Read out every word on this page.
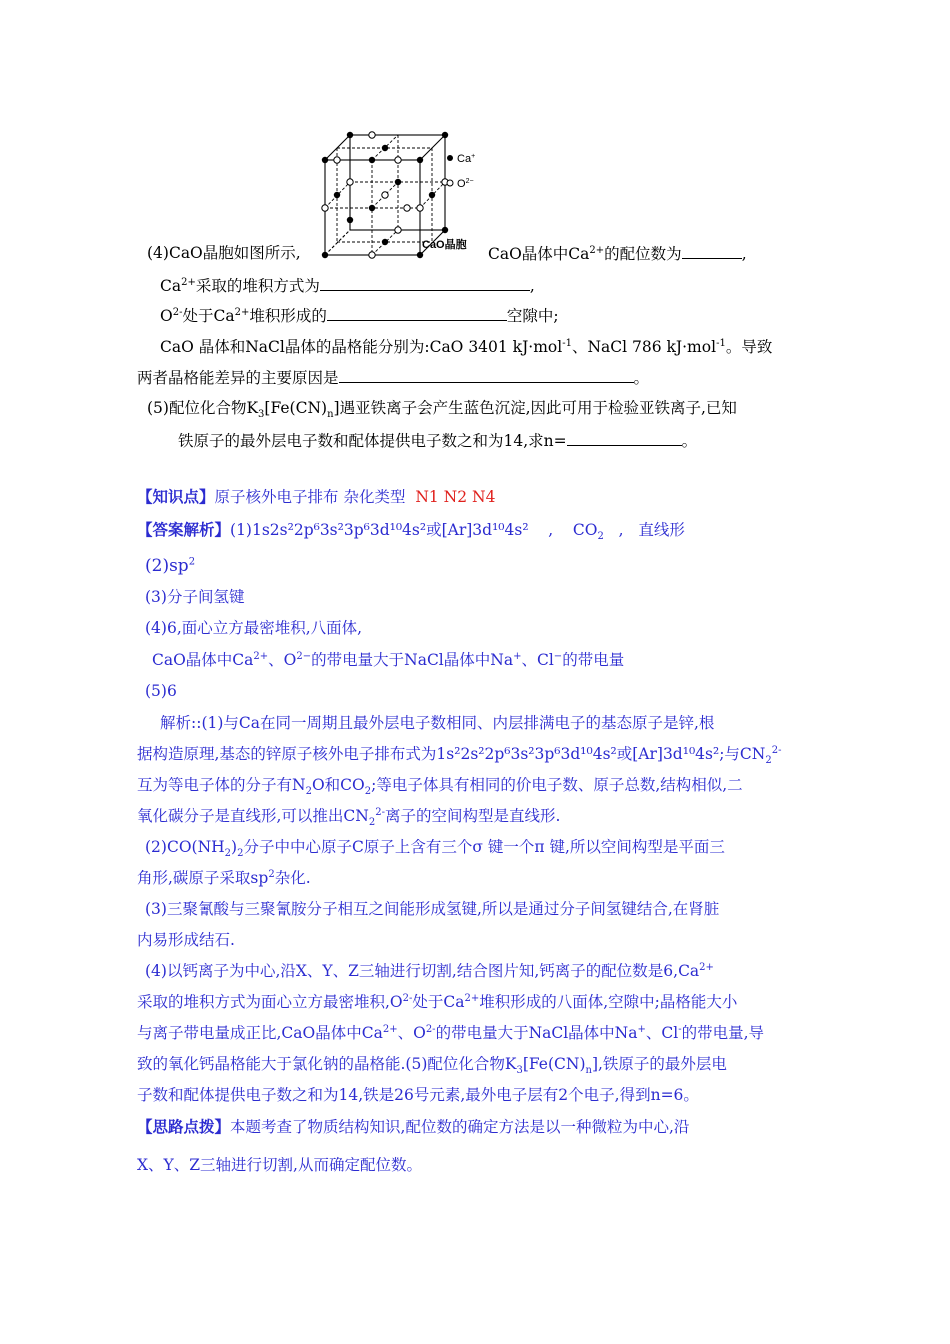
(4)CaO晶胞如图所示,
Ca+
$O^{2-}$
CaO晶胞 CaO晶体中$Ca^{2+}$的配位数为	,
$Ca^{2+}$采取的堆积方式为	,
$O^{2-}$处于$Ca^{2+}$堆积形成的	空隙中;
CaO 晶体和NaCl晶体的晶格能分别为:CaO 3401 kJ·mol$^{-1}$、NaCl 786 kJ·mol$^{-1}$。导致
两者晶格能差异的主要原因是	。
(5)配位化合物$K_3[Fe(CN)_n]$遇亚铁离子会产生蓝色沉淀,因此可用于检验亚铁离子,已知
铁原子的最外层电子数和配体提供电子数之和为14,求n=	。
【知识点】原子核外电子排布 杂化类型 N1 N2 N4
【答案解析】(1)1s2s²2p⁶3s²3p⁶3d¹⁰4s²或[Ar]3d¹⁰4s² , $CO_2$ , 直线形
$(2)sp^2$
(3)分子间氢键
(4)6,面心立方最密堆积,八面体,
CaO晶体中$Ca^{2+}$、$O^{2-}$的带电量大于NaCl晶体中Na+、Cl−的带电量
(5)6
解析::(1)与Ca在同一周期且最外层电子数相同、内层排满电子的基态原子是锌,根
据构造原理,基态的锌原子核外电子排布式为1s²2s²2p⁶3s²3p⁶3d¹⁰4s²或[Ar]3d¹⁰4s²;与$CN_2^{2-}$
互为等电子体的分子有$N_2O$和$CO_2$;等电子体具有相同的价电子数、原子总数,结构相似,二
氧化碳分子是直线形,可以推出$CN_2^{2-}$离子的空间构型是直线形.
$(2)CO(NH_2)_2$分子中中心原子C原子上含有三个σ 键一个π 键,所以空间构型是平面三
角形,碳原子采取$sp^2$杂化.
(3)三聚氰酸与三聚氰胺分子相互之间能形成氢键,所以是通过分子间氢键结合,在肾脏
内易形成结石.
(4)以钙离子为中心,沿X、Y、Z三轴进行切割,结合图片知,钙离子的配位数是$6,Ca^{2+}$
采取的堆积方式为面心立方最密堆积$,O^{2-}$处于$Ca^{2+}$堆积形成的八面体,空隙中;晶格能大小
与离子带电量成正比,CaO晶体中$Ca^{2+}$、$O^{2-}$的带电量大于NaCl晶体中Na+、Cl-的带电量,导
致的氧化钙晶格能大于氯化钠的晶格能.(5)配位化合物$K_3[Fe(CN)_n]$,铁原子的最外层电
子数和配体提供电子数之和为14,铁是26号元素,最外电子层有2个电子,得到n=6。
【思路点拨】本题考查了物质结构知识,配位数的确定方法是以一种微粒为中心,沿
X、Y、Z三轴进行切割,从而确定配位数。
